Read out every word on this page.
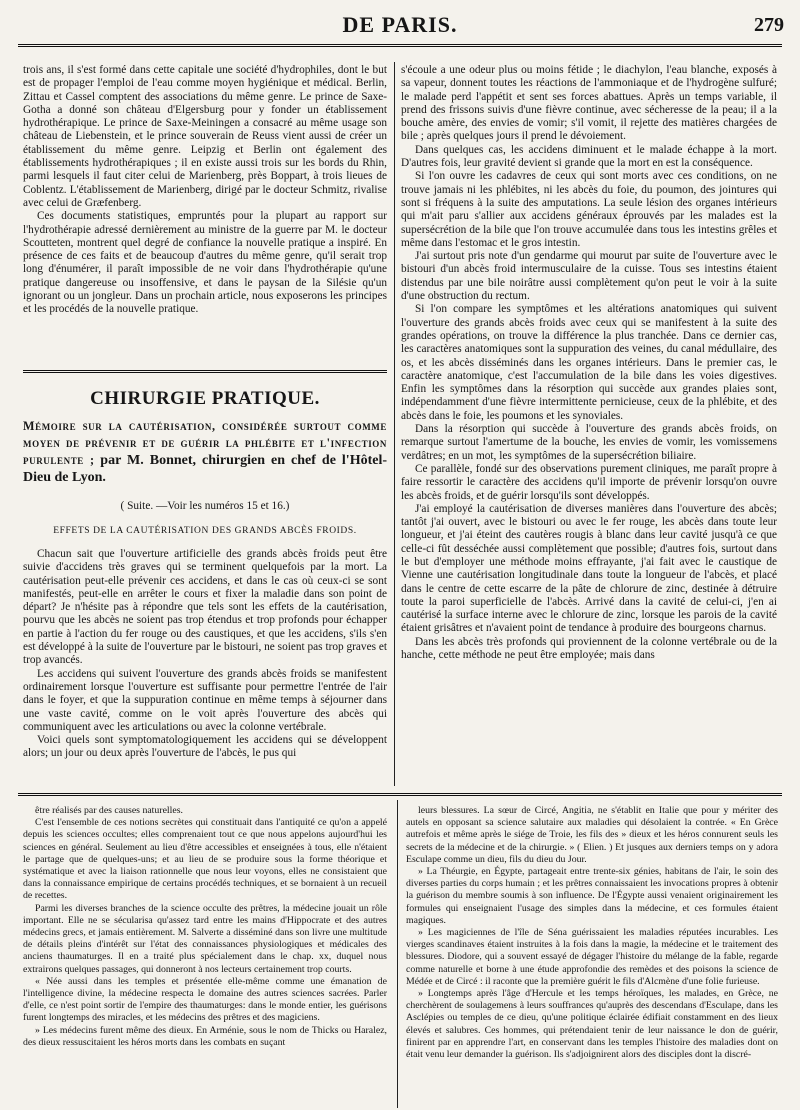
DE PARIS.	279

trois ans, il s'est formé dans cette capitale une société d'hydrophiles, dont le but est de propager l'emploi de l'eau comme moyen hygiénique et médical. Berlin, Zittau et Cassel comptent des associations du même genre. Le prince de Saxe-Gotha a donné son château d'Elgersburg pour y fonder un établissement hydrothérapique. Le prince de Saxe-Meiningen a consacré au même usage son château de Liebenstein, et le prince souverain de Reuss vient aussi de créer un établissement du même genre. Leipzig et Berlin ont également des établissements hydrothérapiques ; il en existe aussi trois sur les bords du Rhin, parmi lesquels il faut citer celui de Marienberg, près Boppart, à trois lieues de Coblentz. L'établissement de Marienberg, dirigé par le docteur Schmitz, rivalise avec celui de Græfenberg.

Ces documents statistiques, empruntés pour la plupart au rapport sur l'hydrothérapie adressé dernièrement au ministre de la guerre par M. le docteur Scoutteten, montrent quel degré de confiance la nouvelle pratique a inspiré. En présence de ces faits et de beaucoup d'autres du même genre, qu'il serait trop long d'énumérer, il paraît impossible de ne voir dans l'hydrothérapie qu'une pratique dangereuse ou insoffensive, et dans le paysan de la Silésie qu'un ignorant ou un jongleur. Dans un prochain article, nous exposerons les principes et les procédés de la nouvelle pratique.

CHIRURGIE PRATIQUE.
Mémoire sur la cautérisation, considérée surtout comme moyen de prévenir et de guérir la phlébite et l'infection purulente ; par M. Bonnet, chirurgien en chef de l'Hôtel-Dieu de Lyon.
( Suite. —Voir les numéros 15 et 16.)
EFFETS DE LA CAUTÉRISATION DES GRANDS ABCÈS FROIDS.

Chacun sait que l'ouverture artificielle des grands abcès froids peut être suivie d'accidens très graves qui se terminent quelquefois par la mort. La cautérisation peut-elle prévenir ces accidens, et dans le cas où ceux-ci se sont manifestés, peut-elle en arrêter le cours et fixer la maladie dans son point de départ? Je n'hésite pas à répondre que tels sont les effets de la cautérisation, pourvu que les abcès ne soient pas trop étendus et trop profonds pour échapper en partie à l'action du fer rouge ou des caustiques, et que les accidens, s'ils s'en est développé à la suite de l'ouverture par le bistouri, ne soient pas trop graves et trop avancés.

Les accidens qui suivent l'ouverture des grands abcès froids se manifestent ordinairement lorsque l'ouverture est suffisante pour permettre l'entrée de l'air dans le foyer, et que la suppuration continue en même temps à séjourner dans une vaste cavité, comme on le voit après l'ouverture des abcès qui communiquent avec les articulations ou avec la colonne vertébrale.

Voici quels sont symptomatologiquement les accidens qui se développent alors; un jour ou deux après l'ouverture de l'abcès, le pus qui

s'écoule a une odeur plus ou moins fétide ; le diachylon, l'eau blanche, exposés à sa vapeur, donnent toutes les réactions de l'ammoniaque et de l'hydrogène sulfuré; le malade perd l'appétit et sent ses forces abattues. Après un temps variable, il prend des frissons suivis d'une fièvre continue, avec sécheresse de la peau; il a la bouche amère, des envies de vomir; s'il vomit, il rejette des matières chargées de bile ; après quelques jours il prend le dévoiement.

Dans quelques cas, les accidens diminuent et le malade échappe à la mort. D'autres fois, leur gravité devient si grande que la mort en est la conséquence.

Si l'on ouvre les cadavres de ceux qui sont morts avec ces conditions, on ne trouve jamais ni les phlébites, ni les abcès du foie, du poumon, des jointures qui sont si fréquens à la suite des amputations. La seule lésion des organes intérieurs qui m'ait paru s'allier aux accidens généraux éprouvés par les malades est la supersécrétion de la bile que l'on trouve accumulée dans tous les intestins grêles et même dans l'estomac et le gros intestin.

J'ai surtout pris note d'un gendarme qui mourut par suite de l'ouverture avec le bistouri d'un abcès froid intermusculaire de la cuisse. Tous ses intestins étaient distendus par une bile noirâtre aussi complètement qu'on peut le voir à la suite d'une obstruction du rectum.

Si l'on compare les symptômes et les altérations anatomiques qui suivent l'ouverture des grands abcès froids avec ceux qui se manifestent à la suite des grandes opérations, on trouve la différence la plus tranchée. Dans ce dernier cas, les caractères anatomiques sont la suppuration des veines, du canal médullaire, des os, et les abcès disséminés dans les organes intérieurs. Dans le premier cas, le caractère anatomique, c'est l'accumulation de la bile dans les voies digestives. Enfin les symptômes dans la résorption qui succède aux grandes plaies sont, indépendamment d'une fièvre intermittente pernicieuse, ceux de la phlébite, et des abcès dans le foie, les poumons et les synoviales.

Dans la résorption qui succède à l'ouverture des grands abcès froids, on remarque surtout l'amertume de la bouche, les envies de vomir, les vomissemens verdâtres; en un mot, les symptômes de la supersécrétion biliaire.

Ce parallèle, fondé sur des observations purement cliniques, me paraît propre à faire ressortir le caractère des accidens qu'il importe de prévenir lorsqu'on ouvre les abcès froids, et de guérir lorsqu'ils sont développés.

J'ai employé la cautérisation de diverses manières dans l'ouverture des abcès; tantôt j'ai ouvert, avec le bistouri ou avec le fer rouge, les abcès dans toute leur longueur, et j'ai éteint des cautères rougis à blanc dans leur cavité jusqu'à ce que celle-ci fût desséchée aussi complètement que possible; d'autres fois, surtout dans le but d'employer une méthode moins effrayante, j'ai fait avec le caustique de Vienne une cautérisation longitudinale dans toute la longueur de l'abcès, et placé dans le centre de cette escarre de la pâte de chlorure de zinc, destinée à détruire toute la paroi superficielle de l'abcès. Arrivé dans la cavité de celui-ci, j'en ai cautérisé la surface interne avec le chlorure de zinc, lorsque les parois de la cavité étaient grisâtres et n'avaient point de tendance à produire des bourgeons charnus.

Dans les abcès très profonds qui proviennent de la colonne vertébrale ou de la hanche, cette méthode ne peut être employée; mais dans

être réalisés par des causes naturelles.

C'est l'ensemble de ces notions secrètes qui constituait dans l'antiquité ce qu'on a appelé depuis les sciences occultes; elles comprenaient tout ce que nous appelons aujourd'hui les sciences en général. Seulement au lieu d'être accessibles et enseignées à tous, elle n'étaient le partage que de quelques-uns; et au lieu de se produire sous la forme théorique et systématique et avec la liaison rationnelle que nous leur voyons, elles ne consistaient que dans la connaissance empirique de certains procédés techniques, et se bornaient à un recueil de recettes.

Parmi les diverses branches de la science occulte des prêtres, la médecine jouait un rôle important. Elle ne se sécularisa qu'assez tard entre les mains d'Hippocrate et des autres médecins grecs, et jamais entièrement. M. Salverte a disséminé dans son livre une multitude de détails pleins d'intérêt sur l'état des connaissances physiologiques et médicales des anciens thaumaturges. Il en a traité plus spécialement dans le chap. xx, duquel nous extrairons quelques passages, qui donneront à nos lecteurs certainement trop courts.

« Née aussi dans les temples et présentée elle-même comme une émanation de l'intelligence divine, la médecine respecta le domaine des autres sciences sacrées. Parler d'elle, ce n'est point sortir de l'empire des thaumaturges: dans le monde entier, les guérisons furent longtemps des miracles, et les médecins des prêtres et des magiciens.

» Les médecins furent même des dieux. En Arménie, sous le nom de Thicks ou Haralez, des dieux ressuscitaient les héros morts dans les combats en suçant

leurs blessures. La sœur de Circé, Angitia, ne s'établit en Italie que pour y mériter des autels en opposant sa science salutaire aux maladies qui désolaient la contrée. « En Grèce autrefois et même après le siége de Troie, les fils des » dieux et les héros connurent seuls les secrets de la médecine et de la chirurgie. » ( Elien. ) Et jusques aux derniers temps on y adora Esculape comme un dieu, fils du dieu du Jour.

» La Théurgie, en Égypte, partageait entre trente-six génies, habitans de l'air, le soin des diverses parties du corps humain ; et les prêtres connaissaient les invocations propres à obtenir la guérison du membre soumis à son influence. De l'Égypte aussi venaient originairement les formules qui enseignaient l'usage des simples dans la médecine, et ces formules étaient magiques.

» Les magiciennes de l'île de Séna guérissaient les maladies réputées incurables. Les vierges scandinaves étaient instruites à la fois dans la magie, la médecine et le traitement des blessures. Diodore, qui a souvent essayé de dégager l'histoire du mélange de la fable, regarde comme naturelle et borne à une étude approfondie des remèdes et des poisons la science de Médée et de Circé : il raconte que la première guérit le fils d'Alcmène d'une folie furieuse.

» Longtemps après l'âge d'Hercule et les temps héroïques, les malades, en Grèce, ne cherchèrent de soulagemens à leurs souffrances qu'auprès des descendans d'Esculape, dans les Asclépies ou temples de ce dieu, qu'une politique éclairée édifiait constamment en des lieux élevés et salubres. Ces hommes, qui prétendaient tenir de leur naissance le don de guérir, finirent par en apprendre l'art, en conservant dans les temples l'histoire des maladies dont on était venu leur demander la guérison. Ils s'adjoignirent alors des disciples dont la discré-
